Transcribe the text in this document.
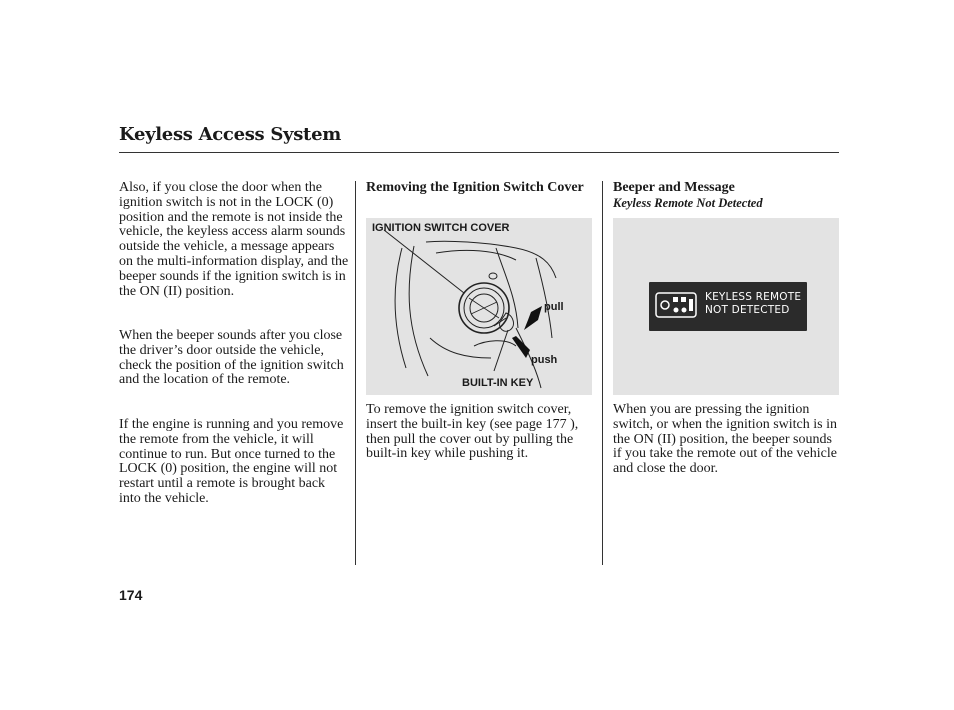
Keyless Access System

Also, if you close the door when the ignition switch is not in the LOCK (0) position and the remote is not inside the vehicle, the keyless access alarm sounds outside the vehicle, a message appears on the multi-information display, and the beeper sounds if the ignition switch is in the ON (II) position.

When the beeper sounds after you close the driver’s door outside the vehicle, check the position of the ignition switch and the location of the remote.

If the engine is running and you remove the remote from the vehicle, it will continue to run. But once turned to the LOCK (0) position, the engine will not restart until a remote is brought back into the vehicle.

Removing the Ignition Switch Cover

IGNITION SWITCH COVER
pull
push
BUILT-IN KEY

To remove the ignition switch cover, insert the built-in key (see page 177 ), then pull the cover out by pulling the built-in key while pushing it.

Beeper and Message

Keyless Remote Not Detected

KEYLESS REMOTE
NOT DETECTED

When you are pressing the ignition switch, or when the ignition switch is in the ON (II) position, the beeper sounds if you take the remote out of the vehicle and close the door.

174
